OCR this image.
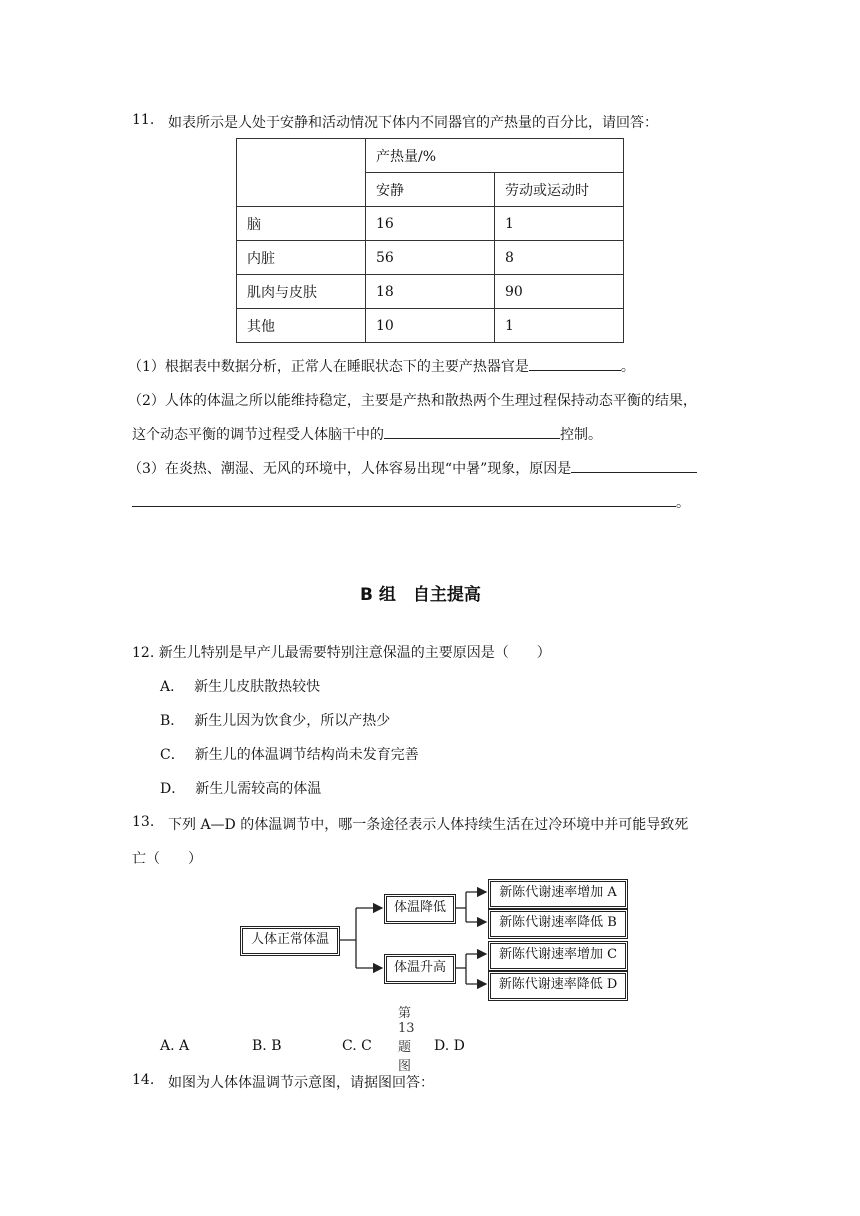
11. 如表所示是人处于安静和活动情况下体内不同器官的产热量的百分比，请回答：
	产热量/%	
	安静	劳动或运动时
脑	16	1
内脏	56	8
肌肉与皮肤	18	90
其他	10	1
（1）根据表中数据分析，正常人在睡眠状态下的主要产热器官是	。
（2）人体的体温之所以能维持稳定，主要是产热和散热两个生理过程保持动态平衡的结果，
这个动态平衡的调节过程受人体脑干中的	控制。
（3）在炎热、潮湿、无风的环境中，人体容易出现“中暑”现象，原因是
。
B 组　自主提高
12. 新生儿特别是早产儿最需要特别注意保温的主要原因是（　　）
A． 新生儿皮肤散热较快
B． 新生儿因为饮食少，所以产热少
C． 新生儿的体温调节结构尚未发育完善
D． 新生儿需较高的体温
13. 下列 A—D 的体温调节中，哪一条途径表示人体持续生活在过冷环境中并可能导致死
亡（　　）
人体正常体温
体温降低
体温升高
新陈代谢速率增加 A
新陈代谢速率降低 B
新陈代谢速率增加 C
新陈代谢速率降低 D
第 13 题图
A. A	B. B	C. C	D. D
14. 如图为人体体温调节示意图，请据图回答：
